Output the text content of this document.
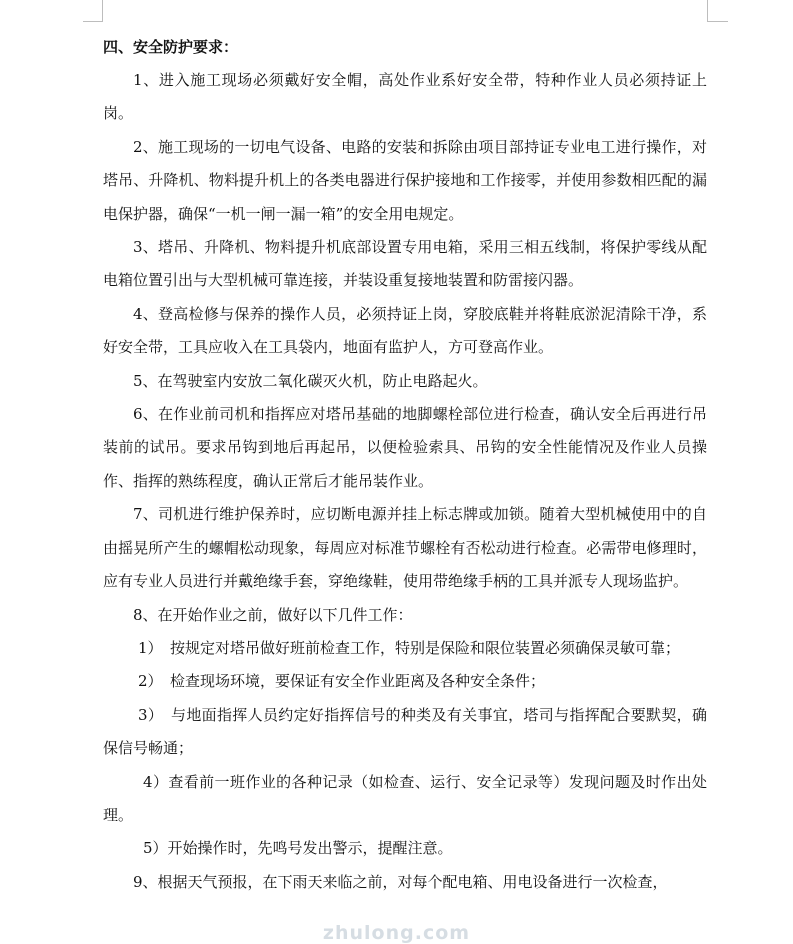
四、安全防护要求：

1、进入施工现场必须戴好安全帽，高处作业系好安全带，特种作业人员必须持证上岗。

2、施工现场的一切电气设备、电路的安装和拆除由项目部持证专业电工进行操作，对塔吊、升降机、物料提升机上的各类电器进行保护接地和工作接零，并使用参数相匹配的漏电保护器，确保“一机一闸一漏一箱”的安全用电规定。

3、塔吊、升降机、物料提升机底部设置专用电箱，采用三相五线制，将保护零线从配电箱位置引出与大型机械可靠连接，并装设重复接地装置和防雷接闪器。

4、登高检修与保养的操作人员，必须持证上岗，穿胶底鞋并将鞋底淤泥清除干净，系好安全带，工具应收入在工具袋内，地面有监护人，方可登高作业。

5、在驾驶室内安放二氧化碳灭火机，防止电路起火。

6、在作业前司机和指挥应对塔吊基础的地脚螺栓部位进行检查，确认安全后再进行吊装前的试吊。要求吊钩到地后再起吊，以便检验索具、吊钩的安全性能情况及作业人员操作、指挥的熟练程度，确认正常后才能吊装作业。

7、司机进行维护保养时，应切断电源并挂上标志牌或加锁。随着大型机械使用中的自由摇晃所产生的螺帽松动现象，每周应对标准节螺栓有否松动进行检查。必需带电修理时，应有专业人员进行并戴绝缘手套，穿绝缘鞋，使用带绝缘手柄的工具并派专人现场监护。

8、在开始作业之前，做好以下几件工作：

1）　按规定对塔吊做好班前检查工作，特别是保险和限位装置必须确保灵敏可靠；

2）　检查现场环境，要保证有安全作业距离及各种安全条件；

3）　与地面指挥人员约定好指挥信号的种类及有关事宜，塔司与指挥配合要默契，确保信号畅通；

4）查看前一班作业的各种记录（如检查、运行、安全记录等）发现问题及时作出处理。

5）开始操作时，先鸣号发出警示，提醒注意。

9、根据天气预报，在下雨天来临之前，对每个配电箱、用电设备进行一次检查，

zhulong.com
